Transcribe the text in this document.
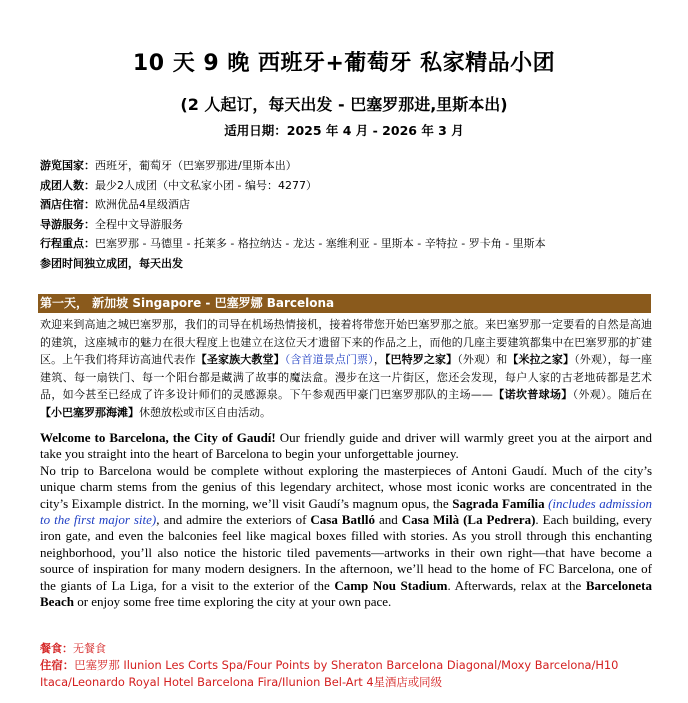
10 天 9 晚 西班牙+葡萄牙 私家精品小团
(2 人起订，每天出发 - 巴塞罗那进,里斯本出)
适用日期：2025 年 4 月 - 2026 年 3 月
游览国家：西班牙，葡萄牙（巴塞罗那进/里斯本出）
成团人数：最少2人成团（中文私家小团 - 编号：4277）
酒店住宿：欧洲优品4星级酒店
导游服务：全程中文导游服务
行程重点：巴塞罗那 - 马德里 - 托莱多 - 格拉纳达 - 龙达 - 塞维利亚 - 里斯本 - 辛特拉 - 罗卡角 - 里斯本
参团时间独立成团，每天出发
第一天， 新加坡 Singapore - 巴塞罗娜 Barcelona
欢迎来到高迪之城巴塞罗那，我们的司导在机场热情接机，接着将带您开始巴塞罗那之旅。来巴塞罗那一定要看的自然是高迪的建筑，这座城市的魅力在很大程度上也建立在这位天才遗留下来的作品之上，而他的几座主要建筑都集中在巴塞罗那的扩建区。上午我们将拜访高迪代表作【圣家族大教堂】（含首道景点门票），【巴特罗之家】（外观）和【米拉之家】（外观），每一座建筑、每一扇铁门、每一个阳台都是藏满了故事的魔法盒。漫步在这一片街区，您还会发现，每户人家的古老地砖都是艺术品，如今甚至已经成了许多设计师们的灵感源泉。下午参观西甲豪门巴塞罗那队的主场——【诺坎普球场】（外观）。随后在【小巴塞罗那海滩】休憩放松或市区自由活动。

Welcome to Barcelona, the City of Gaudí! Our friendly guide and driver will warmly greet you at the airport and take you straight into the heart of Barcelona to begin your unforgettable journey.

No trip to Barcelona would be complete without exploring the masterpieces of Antoni Gaudí. Much of the city’s unique charm stems from the genius of this legendary architect, whose most iconic works are concentrated in the city’s Eixample district. In the morning, we’ll visit Gaudí’s magnum opus, the Sagrada Família (includes admission to the first major site), and admire the exteriors of Casa Batlló and Casa Milà (La Pedrera). Each building, every iron gate, and even the balconies feel like magical boxes filled with stories. As you stroll through this enchanting neighborhood, you’ll also notice the historic tiled pavements—artworks in their own right—that have become a source of inspiration for many modern designers. In the afternoon, we’ll head to the home of FC Barcelona, one of the giants of La Liga, for a visit to the exterior of the Camp Nou Stadium. Afterwards, relax at the Barceloneta Beach or enjoy some free time exploring the city at your own pace.

餐食：无餐食
住宿：巴塞罗那 Ilunion Les Corts Spa/Four Points by Sheraton Barcelona Diagonal/Moxy Barcelona/H10 Itaca/Leonardo Royal Hotel Barcelona Fira/Ilunion Bel-Art 4星酒店或同级
